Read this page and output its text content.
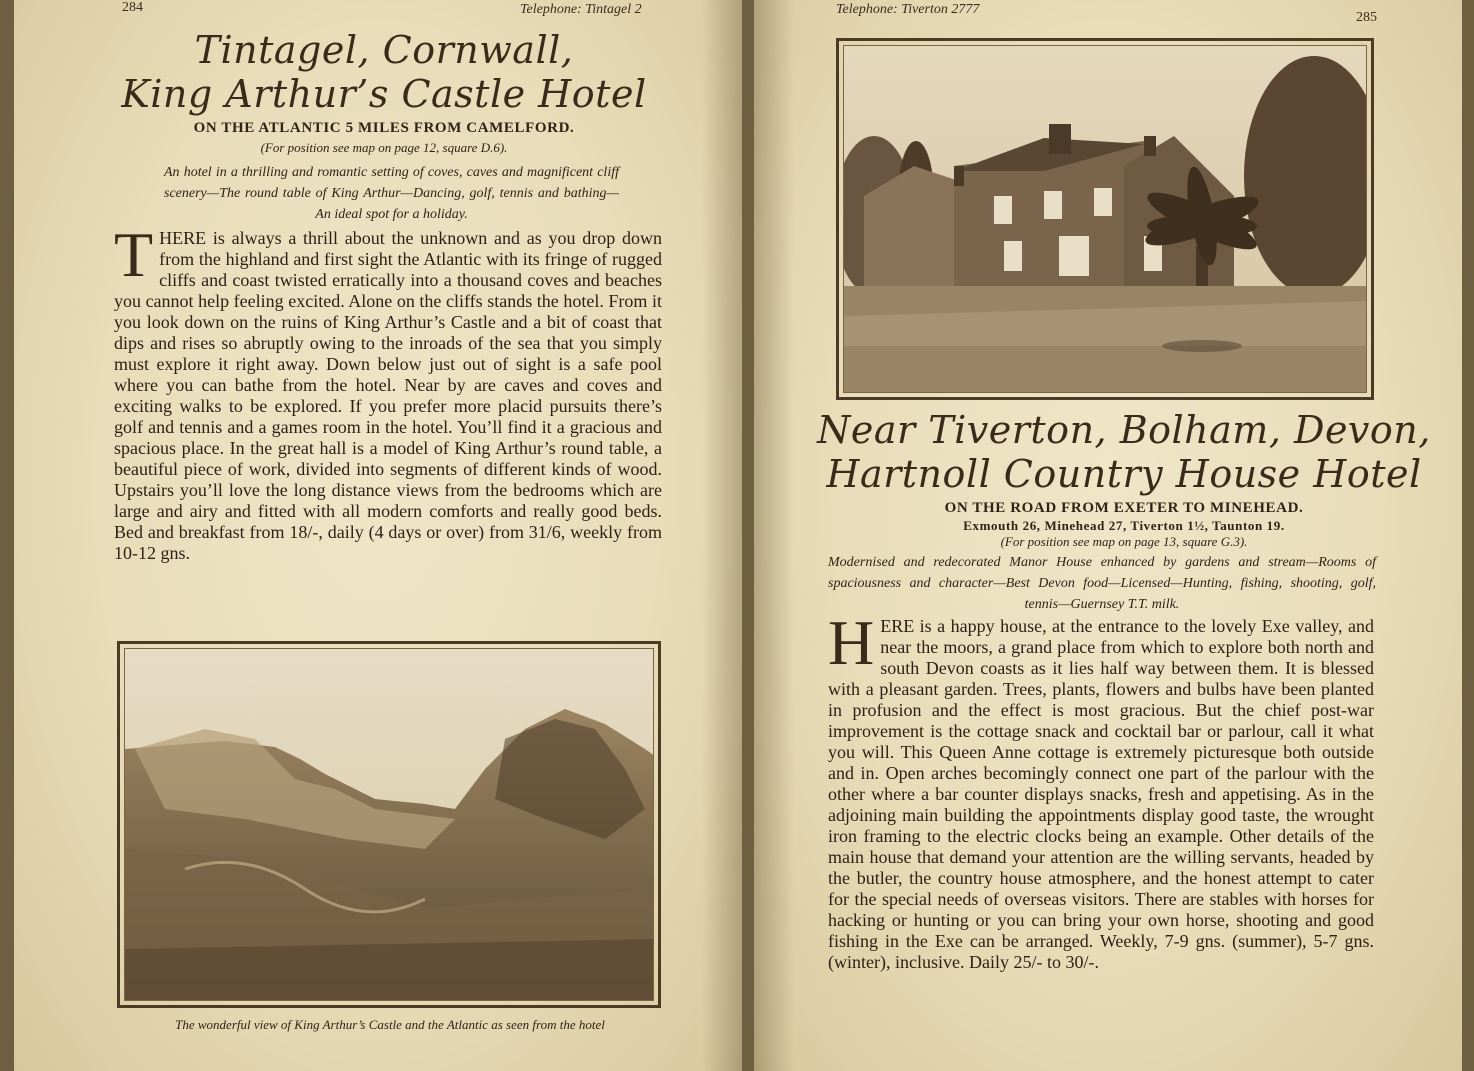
284	Telephone: Tintagel 2
Tintagel, Cornwall,
King Arthur’s Castle Hotel
ON THE ATLANTIC 5 MILES FROM CAMELFORD.
(For position see map on page 12, square D.6).
An hotel in a thrilling and romantic setting of coves, caves and magnificent cliff scenery—The round table of King Arthur—Dancing, golf, tennis and bathing—An ideal spot for a holiday.
THERE is always a thrill about the unknown and as you drop down from the highland and first sight the Atlantic with its fringe of rugged cliffs and coast twisted erratically into a thousand coves and beaches you cannot help feeling excited. Alone on the cliffs stands the hotel. From it you look down on the ruins of King Arthur’s Castle and a bit of coast that dips and rises so abruptly owing to the inroads of the sea that you simply must explore it right away. Down below just out of sight is a safe pool where you can bathe from the hotel. Near by are caves and coves and exciting walks to be explored. If you prefer more placid pursuits there’s golf and tennis and a games room in the hotel. You’ll find it a gracious and spacious place. In the great hall is a model of King Arthur’s round table, a beautiful piece of work, divided into segments of different kinds of wood. Upstairs you’ll love the long distance views from the bedrooms which are large and airy and fitted with all modern comforts and really good beds. Bed and breakfast from 18/-, daily (4 days or over) from 31/6, weekly from 10-12 gns.
The wonderful view of King Arthur’s Castle and the Atlantic as seen from the hotel
Telephone: Tiverton 2777
285
Near Tiverton, Bolham, Devon,
Hartnoll Country House Hotel
ON THE ROAD FROM EXETER TO MINEHEAD.
Exmouth 26, Minehead 27, Tiverton 1½, Taunton 19.
(For position see map on page 13, square G.3).
Modernised and redecorated Manor House enhanced by gardens and stream—Rooms of spaciousness and character—Best Devon food—Licensed—Hunting, fishing, shooting, golf, tennis—Guernsey T.T. milk.
HERE is a happy house, at the entrance to the lovely Exe valley, and near the moors, a grand place from which to explore both north and south Devon coasts as it lies half way between them. It is blessed with a pleasant garden. Trees, plants, flowers and bulbs have been planted in profusion and the effect is most gracious. But the chief post-war improvement is the cottage snack and cocktail bar or parlour, call it what you will. This Queen Anne cottage is extremely picturesque both outside and in. Open arches becomingly connect one part of the parlour with the other where a bar counter displays snacks, fresh and appetising. As in the adjoining main building the appointments display good taste, the wrought iron framing to the electric clocks being an example. Other details of the main house that demand your attention are the willing servants, headed by the butler, the country house atmosphere, and the honest attempt to cater for the special needs of overseas visitors. There are stables with horses for hacking or hunting or you can bring your own horse, shooting and good fishing in the Exe can be arranged. Weekly, 7-9 gns. (summer), 5-7 gns. (winter), inclusive. Daily 25/- to 30/-.
